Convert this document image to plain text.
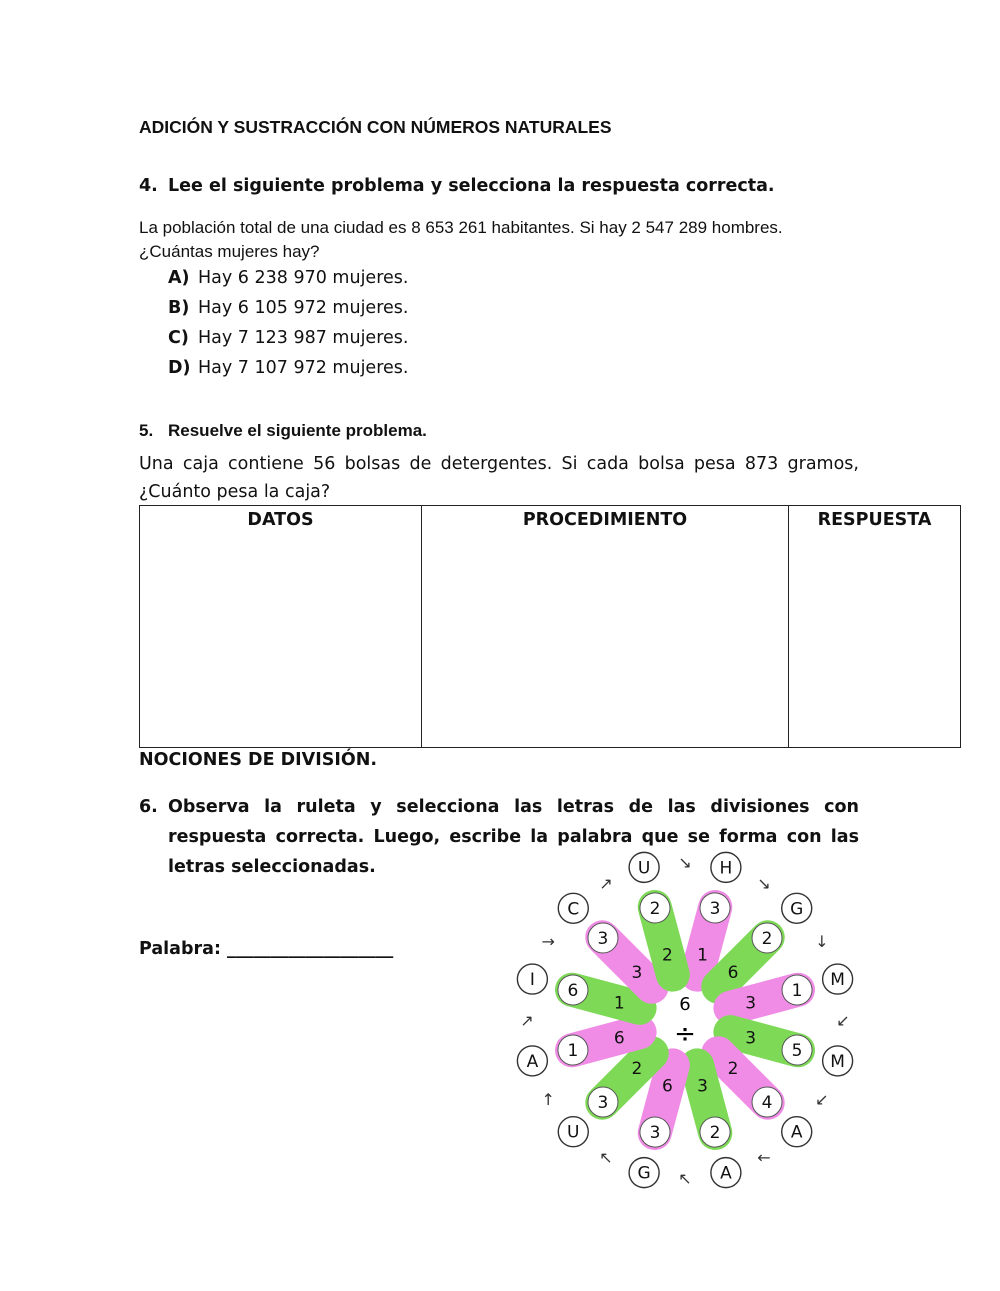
ADICIÓN Y SUSTRACCIÓN CON NÚMEROS NATURALES
4. Lee el siguiente problema y selecciona la respuesta correcta.
La población total de una ciudad es 8 653 261 habitantes. Si hay 2 547 289 hombres.
¿Cuántas mujeres hay?
A) Hay 6 238 970 mujeres.
B) Hay 6 105 972 mujeres.
C) Hay 7 123 987 mujeres.
D) Hay 7 107 972 mujeres.
5. Resuelve el siguiente problema.
Una caja contiene 56 bolsas de detergentes. Si cada bolsa pesa 873 gramos, ¿Cuánto pesa la caja?
DATOS	PROCEDIMIENTO	RESPUESTA
NOCIONES DE DIVISIÓN.
6. Observa la ruleta y selecciona las letras de las divisiones con respuesta correcta. Luego, escribe la palabra que se forma con las letras seleccionadas.
Palabra: ___________________	1
3
6
2
3
1
3
5
2
4
3
2
6
3
2
3
6
1
1
6
3
3
2
2
U	H
G
M
M
A
A
G
U
A
I
C
↗
↘
↘
↓
↙
↙
←
↖
↖
↑
↗
→
6
÷
